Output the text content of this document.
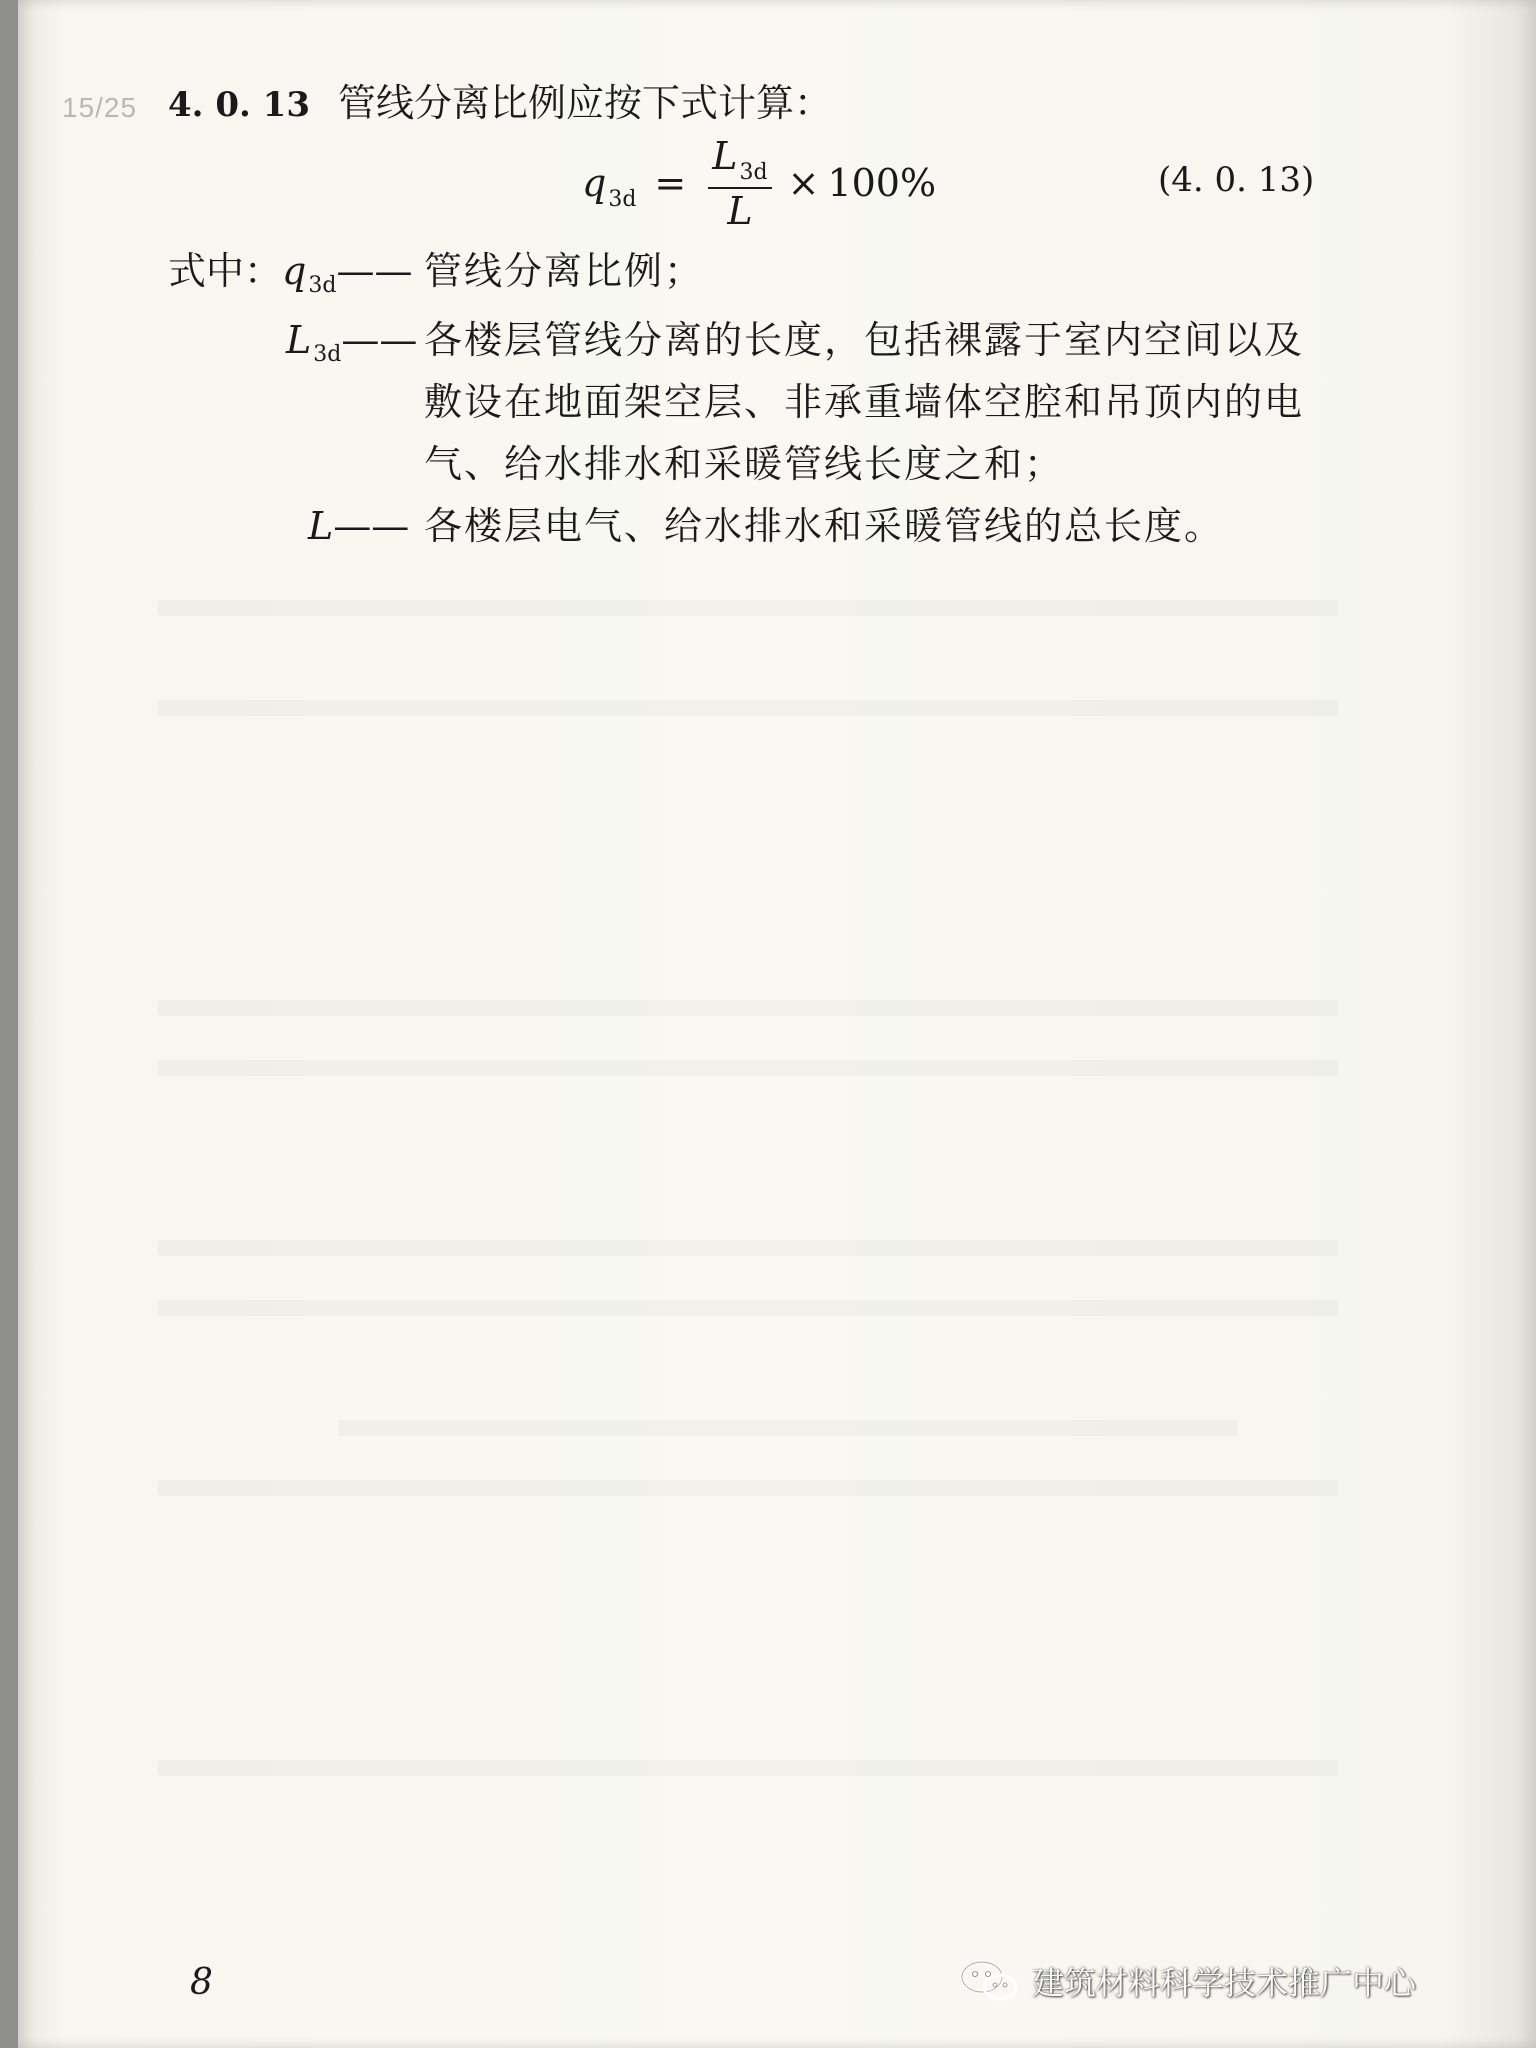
15/25 4. 0. 13 管线分离比例应按下式计算：
$q_{3d} = \frac{L_{3d}}{L} \times 100\%$	(4. 0. 13)
式中：$q_{3d}——$ 管线分离比例；
$L_{3d}——$ 各楼层管线分离的长度，包括裸露于室内空间以及敷设在地面架空层、非承重墙体空腔和吊顶内的电气、给水排水和采暖管线长度之和；
L—— 各楼层电气、给水排水和采暖管线的总长度。
8	建筑材料科学技术推广中心
